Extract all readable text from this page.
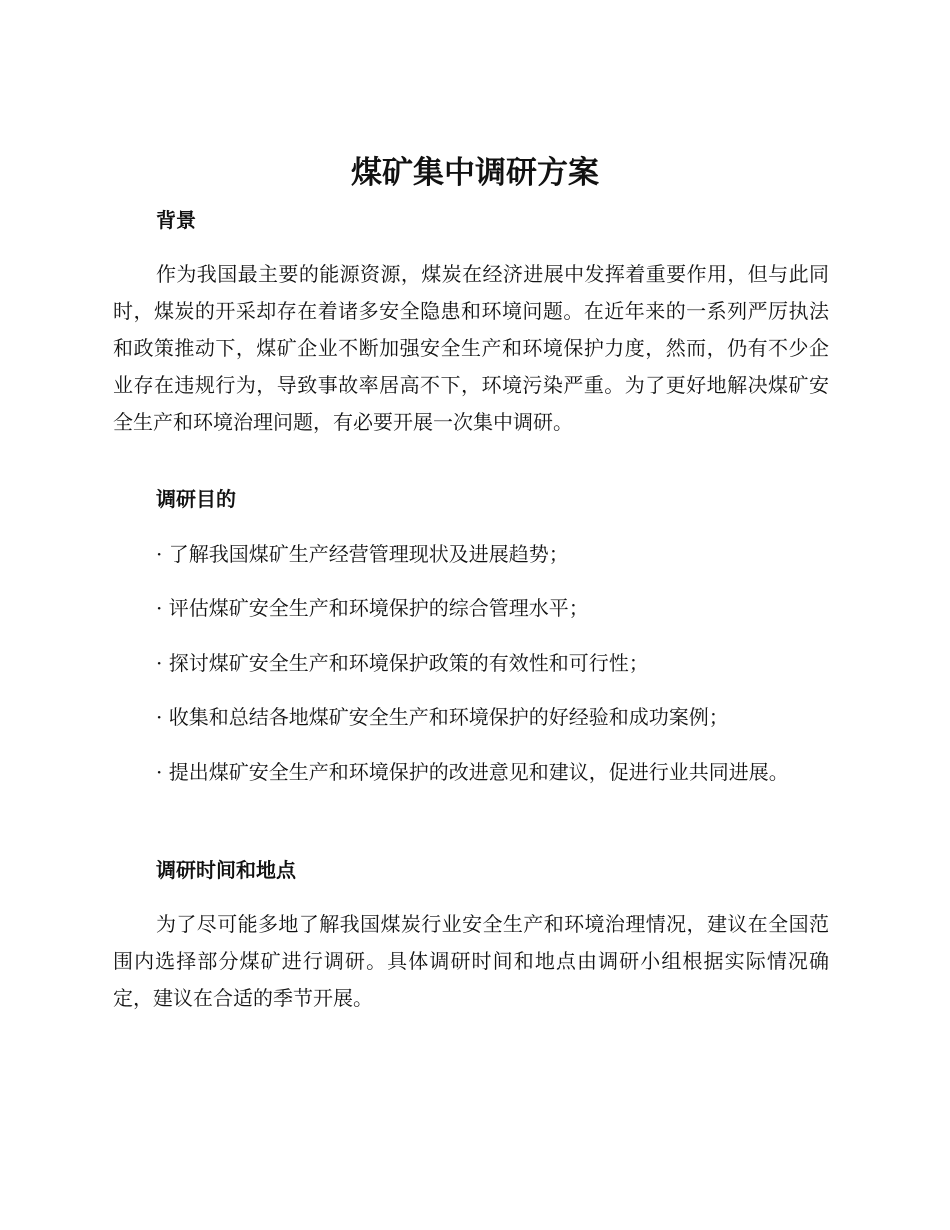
煤矿集中调研方案
背景

作为我国最主要的能源资源，煤炭在经济进展中发挥着重要作用，但与此同时，煤炭的开采却存在着诸多安全隐患和环境问题。在近年来的一系列严厉执法和政策推动下，煤矿企业不断加强安全生产和环境保护力度，然而，仍有不少企业存在违规行为，导致事故率居高不下，环境污染严重。为了更好地解决煤矿安全生产和环境治理问题，有必要开展一次集中调研。

调研目的

· 了解我国煤矿生产经营管理现状及进展趋势；

· 评估煤矿安全生产和环境保护的综合管理水平；

· 探讨煤矿安全生产和环境保护政策的有效性和可行性；

· 收集和总结各地煤矿安全生产和环境保护的好经验和成功案例；

· 提出煤矿安全生产和环境保护的改进意见和建议，促进行业共同进展。

调研时间和地点

为了尽可能多地了解我国煤炭行业安全生产和环境治理情况，建议在全国范围内选择部分煤矿进行调研。具体调研时间和地点由调研小组根据实际情况确定，建议在合适的季节开展。
